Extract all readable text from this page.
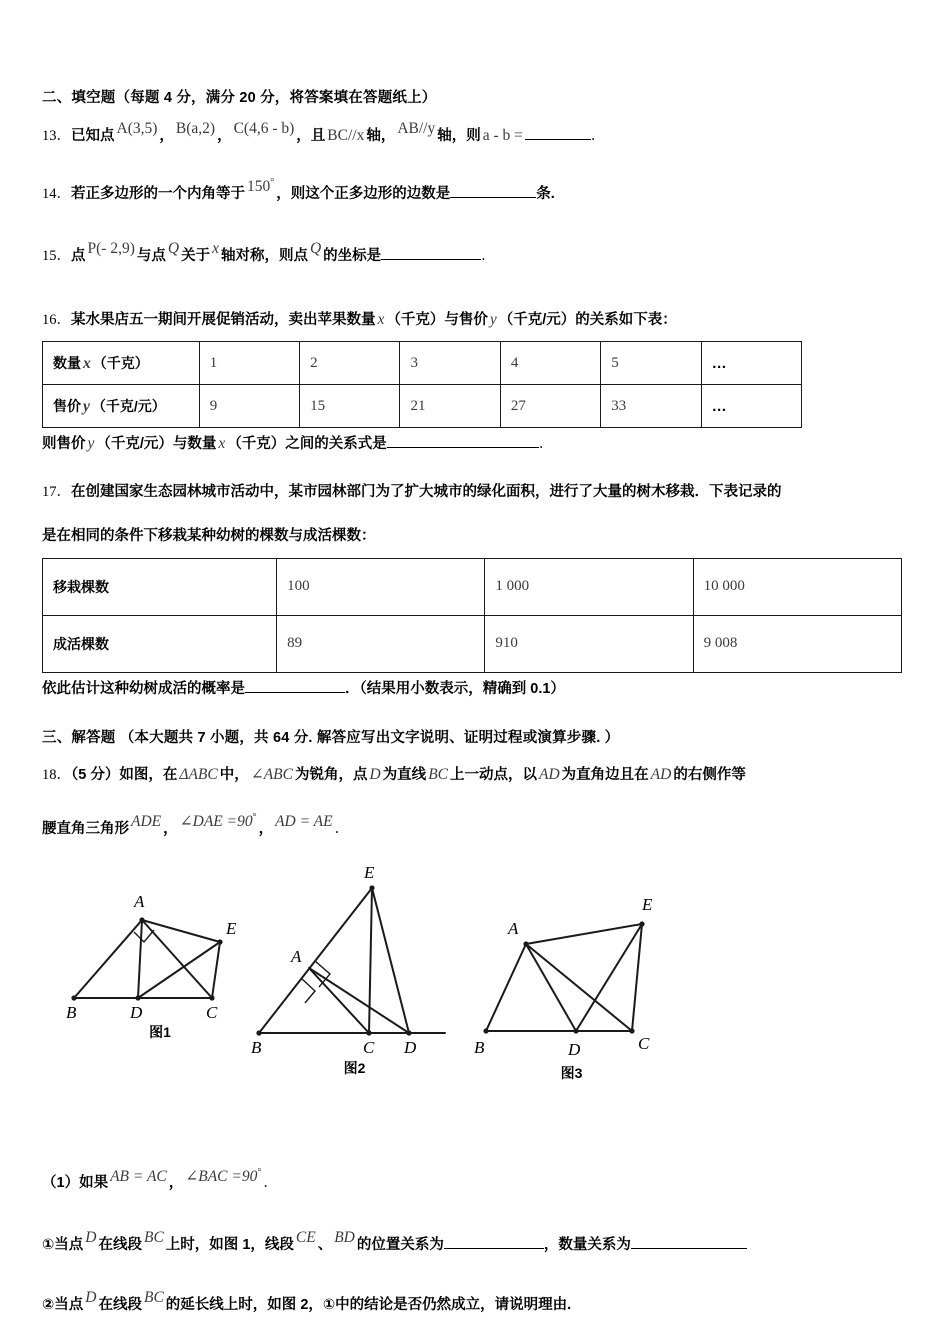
二、填空题（每题 4 分，满分 20 分，将答案填在答题纸上）

13．已知点 A(3,5) ， B(a,2) ， C(4,6 - b) ，且 BC//x 轴， AB//y 轴，则 a - b =	．

14．若正多边形的一个内角等于 150°，则这个正多边形的边数是	条.

15．点 P(- 2,9) 与点 Q 关于 x 轴对称，则点 Q 的坐标是	．

16．某水果店五一期间开展促销活动，卖出苹果数量 x （千克）与售价 y （千克/元）的关系如下表：

数量 x （千克）	1	2	3	4	5	…
售价 y （千克/元）	9	15	21	27	33	…

则售价 y （千克/元）与数量 x （千克）之间的关系式是	．

17．在创建国家生态园林城市活动中，某市园林部门为了扩大城市的绿化面积，进行了大量的树木移栽．下表记录的

是在相同的条件下移栽某种幼树的棵数与成活棵数：

移栽棵数	100	1 000	10 000
成活棵数	89	910	9 008

依此估计这种幼树成活的概率是	．（结果用小数表示，精确到 0.1）

三、解答题 （本大题共 7 小题，共 64 分. 解答应写出文字说明、证明过程或演算步骤. ）

18．（5 分）如图，在 ΔABC 中， ∠ABC 为锐角，点 D 为直线 BC 上一动点，以 AD 为直角边且在 AD 的右侧作等

腰直角三角形 ADE ， ∠DAE =90°， AD = AE ．

A
E
B	D	C
图1
E
A
B	C D
图2
E
A
B	D	C
图3

（1）如果 AB = AC ， ∠BAC =90°．

①当点 D 在线段 BC 上时，如图 1，线段 CE 、 BD 的位置关系为	，数量关系为

②当点 D 在线段 BC 的延长线上时，如图 2，①中的结论是否仍然成立，请说明理由.
